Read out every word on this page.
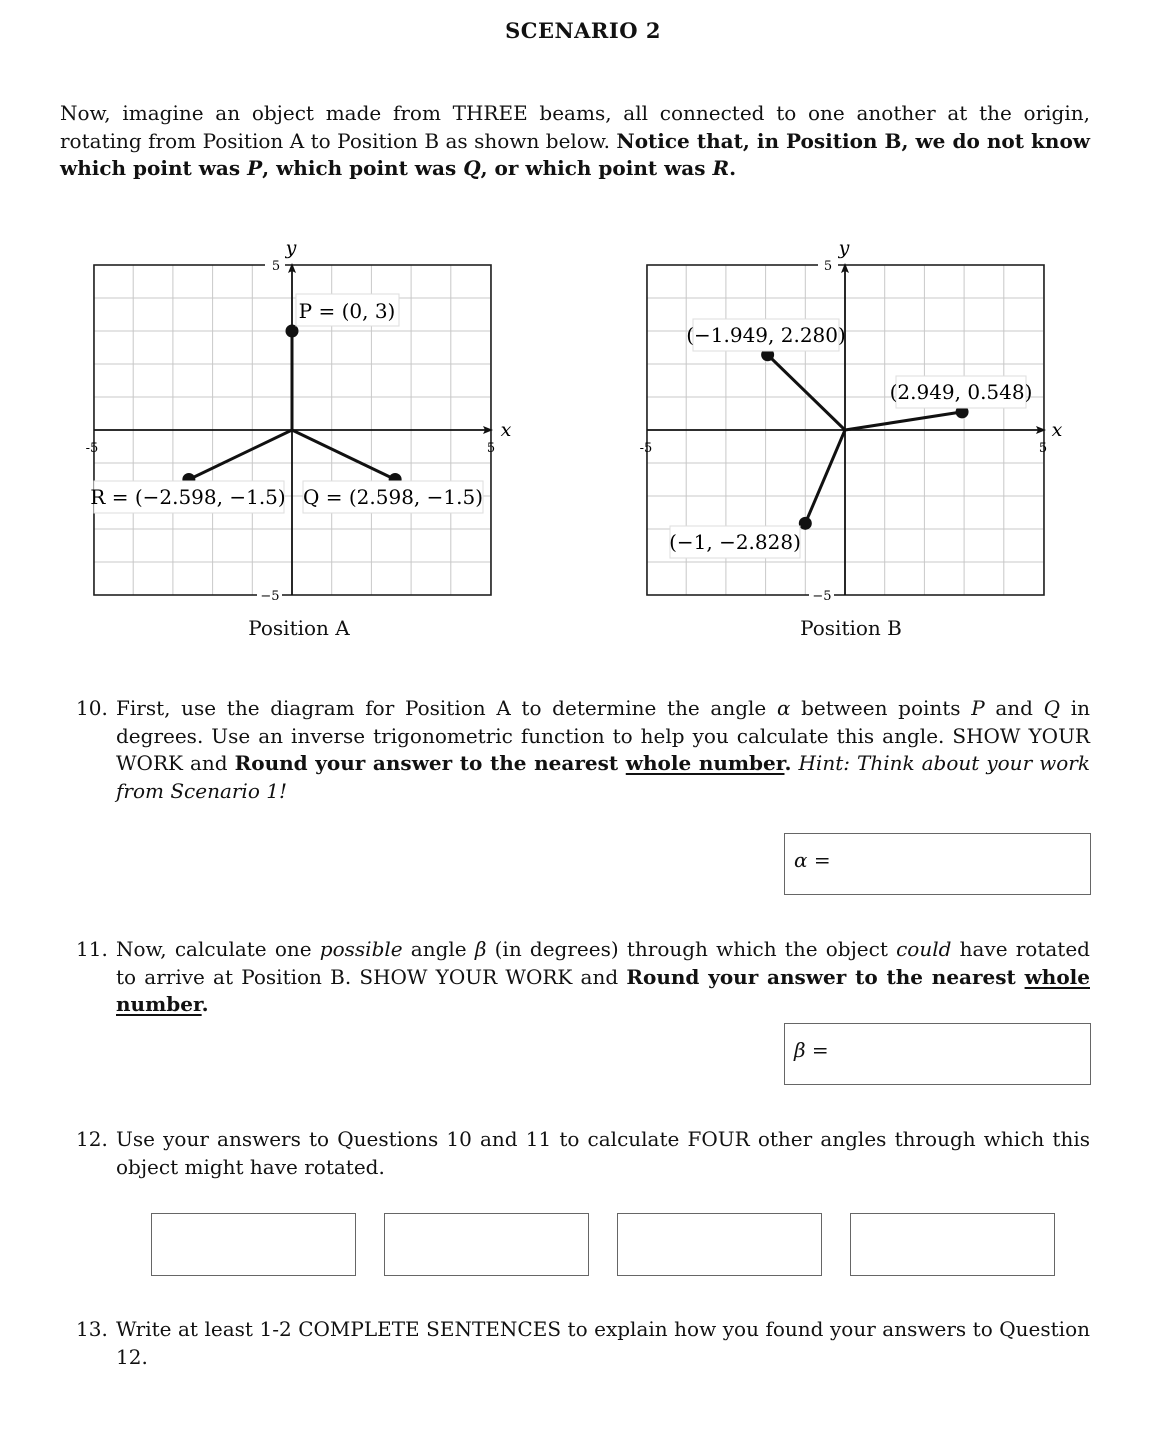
SCENARIO 2
Now, imagine an object made from THREE beams, all connected to one another at the origin, rotating from Position A to Position B as shown below. Notice that, in Position B, we do not know which point was P, which point was Q, or which point was R.
x
y
-5	5
5
−5
P = (0, 3)
R = (−2.598, −1.5) Q = (2.598, −1.5)
Position A
x
y
-5	5
5
−5
(−1.949, 2.280)
(2.949, 0.548)
(−1, −2.828)
Position B
10. First, use the diagram for Position A to determine the angle α between points P and Q in degrees. Use an inverse trigonometric function to help you calculate this angle. SHOW YOUR WORK and Round your answer to the nearest whole number. Hint: Think about your work from Scenario 1!
α =
11. Now, calculate one possible angle β (in degrees) through which the object could have rotated to arrive at Position B. SHOW YOUR WORK and Round your answer to the nearest whole number.
β =
12. Use your answers to Questions 10 and 11 to calculate FOUR other angles through which this object might have rotated.
13. Write at least 1-2 COMPLETE SENTENCES to explain how you found your answers to Question 12.
